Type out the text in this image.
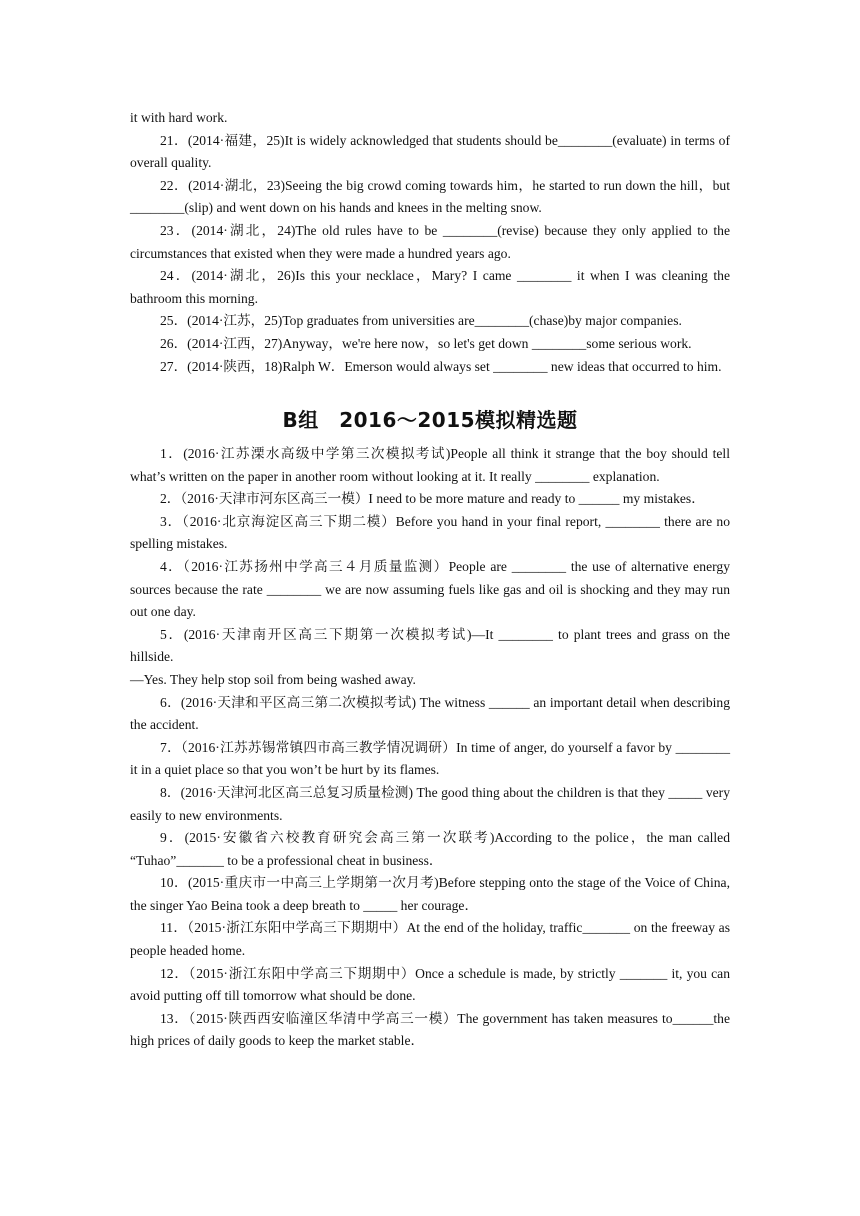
it with hard work.

21．(2014·福建，25)It is widely acknowledged that students should be________(evaluate) in terms of overall quality.

22．(2014·湖北，23)Seeing the big crowd coming towards him，he started to run down the hill，but ________(slip) and went down on his hands and knees in the melting snow.

23．(2014·湖北，24)The old rules have to be ________(revise) because they only applied to the circumstances that existed when they were made a hundred years ago.

24．(2014·湖北，26)Is this your necklace，Mary? I came ________ it when I was cleaning the bathroom this morning.

25．(2014·江苏，25)Top graduates from universities are________(chase)by major companies.

26．(2014·江西，27)Anyway，we're here now，so let's get down ________some serious work.

27．(2014·陕西，18)Ralph W．Emerson would always set ________ new ideas that occurred to him.

B组　2016～2015模拟精选题

1．(2016·江苏溧水高级中学第三次模拟考试)People all think it strange that the boy should tell what’s written on the paper in another room without looking at it. It really ________ explanation.

2．（2016·天津市河东区高三一模）I need to be more mature and ready to ______ my mistakes．

3．（2016·北京海淀区高三下期二模）Before you hand in your final report, ________ there are no spelling mistakes.

4．（2016·江苏扬州中学高三４月质量监测）People are ________ the use of alternative energy sources because the rate ________ we are now assuming fuels like gas and oil is shocking and they may run out one day.

5．(2016·天津南开区高三下期第一次模拟考试)—It ________ to plant trees and grass on the hillside.

—Yes. They help stop soil from being washed away.

6．(2016·天津和平区高三第二次模拟考试) The witness ______ an important detail when describing the accident.

7．（2016·江苏苏锡常镇四市高三教学情况调研）In time of anger, do yourself a favor by ________ it in a quiet place so that you won’t be hurt by its flames.

8．(2016·天津河北区高三总复习质量检测) The good thing about the children is that they _____ very easily to new environments.

9．(2015·安徽省六校教育研究会高三第一次联考)According to the police，the man called “Tuhao”_______ to be a professional cheat in business．

10．(2015·重庆市一中高三上学期第一次月考)Before stepping onto the stage of the Voice of China, the singer Yao Beina took a deep breath to _____ her courage．

11．（2015·浙江东阳中学高三下期期中）At the end of the holiday, traffic_______ on the freeway as people headed home.

12．（2015·浙江东阳中学高三下期期中）Once a schedule is made, by strictly _______ it, you can avoid putting off till tomorrow what should be done.

13．（2015·陕西西安临潼区华清中学高三一模）The government has taken measures to______the high prices of daily goods to keep the market stable．
